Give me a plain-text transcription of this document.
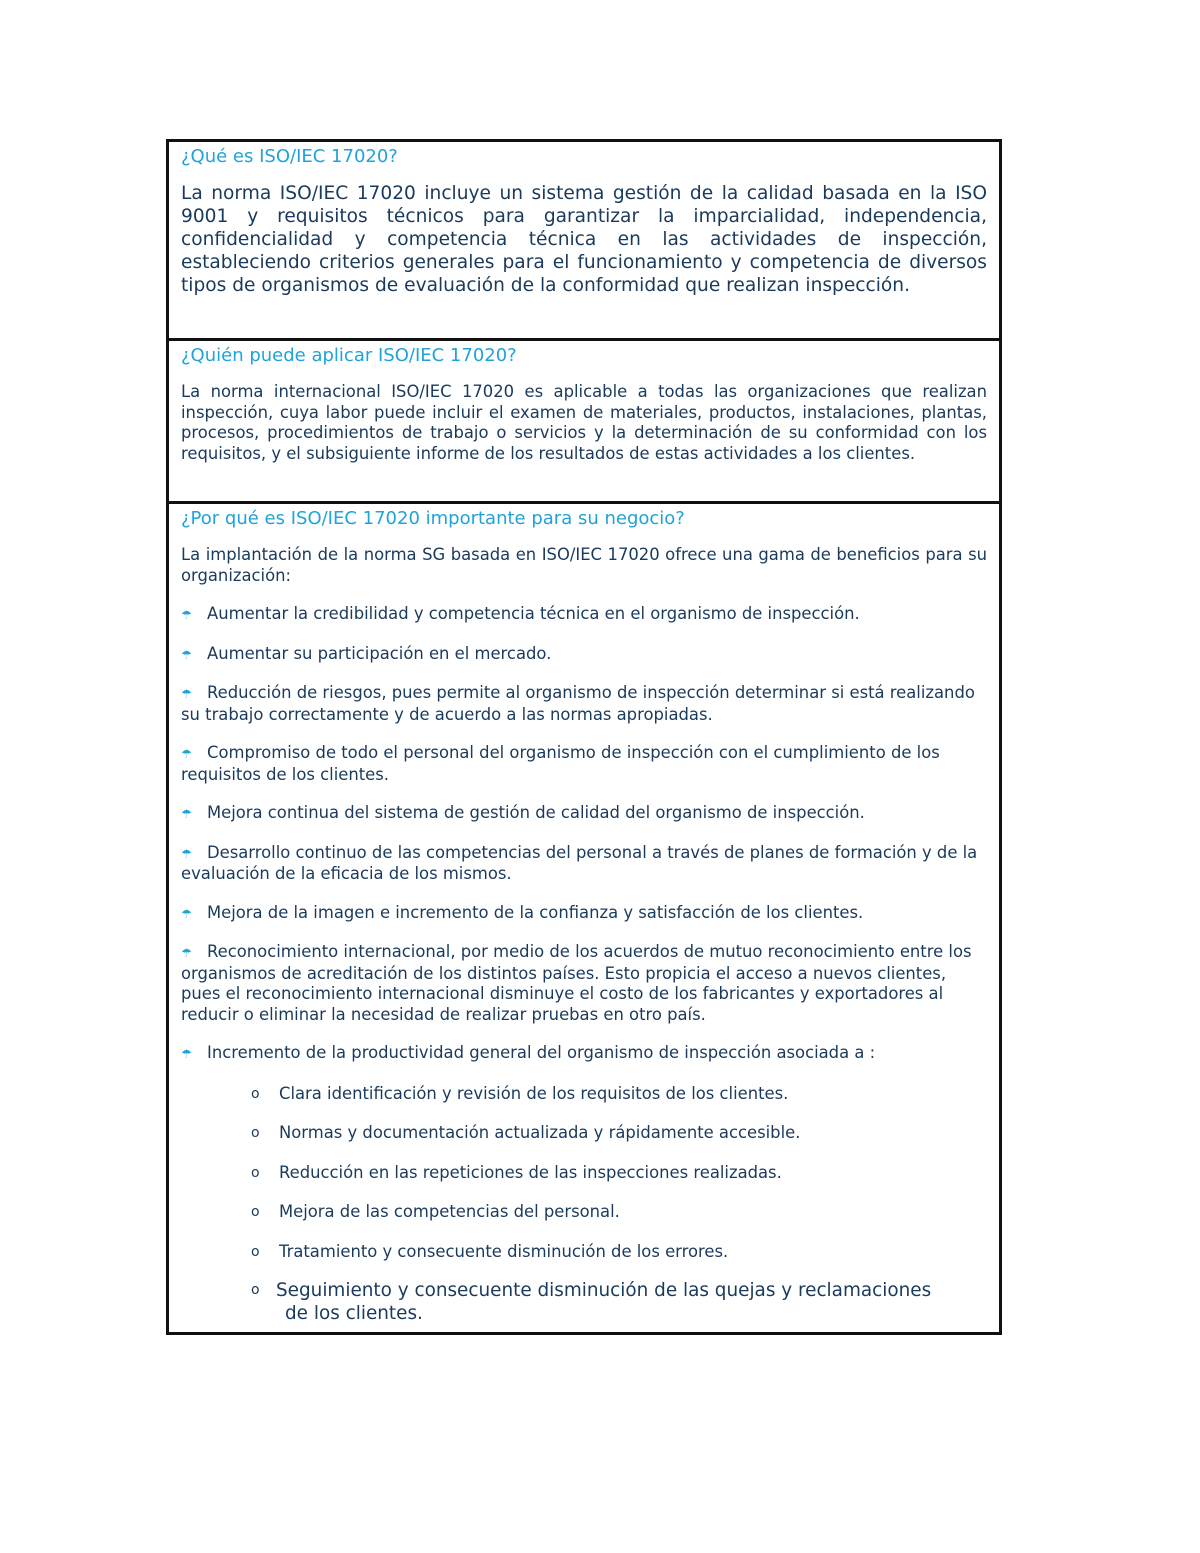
¿Qué es ISO/IEC 17020?

La norma ISO/IEC 17020 incluye un sistema gestión de la calidad basada en la ISO 9001 y requisitos técnicos para garantizar la imparcialidad, independencia, confidencialidad y competencia técnica en las actividades de inspección, estableciendo criterios generales para el funcionamiento y competencia de diversos tipos de organismos de evaluación de la conformidad que realizan inspección.

¿Quién puede aplicar ISO/IEC 17020?

La norma internacional ISO/IEC 17020 es aplicable a todas las organizaciones que realizan inspección, cuya labor puede incluir el examen de materiales, productos, instalaciones, plantas, procesos, procedimientos de trabajo o servicios y la determinación de su conformidad con los requisitos, y el subsiguiente informe de los resultados de estas actividades a los clientes.

¿Por qué es ISO/IEC 17020 importante para su negocio?

La implantación de la norma SG basada en ISO/IEC 17020 ofrece una gama de beneficios para su organización:

☂ Aumentar la credibilidad y competencia técnica en el organismo de inspección.
☂ Aumentar su participación en el mercado.
☂ Reducción de riesgos, pues permite al organismo de inspección determinar si está realizando su trabajo correctamente y de acuerdo a las normas apropiadas.
☂ Compromiso de todo el personal del organismo de inspección con el cumplimiento de los requisitos de los clientes.
☂ Mejora continua del sistema de gestión de calidad del organismo de inspección.
☂ Desarrollo continuo de las competencias del personal a través de planes de formación y de la evaluación de la eficacia de los mismos.
☂ Mejora de la imagen e incremento de la confianza y satisfacción de los clientes.
☂ Reconocimiento internacional, por medio de los acuerdos de mutuo reconocimiento entre los organismos de acreditación de los distintos países. Esto propicia el acceso a nuevos clientes, pues el reconocimiento internacional disminuye el costo de los fabricantes y exportadores al reducir o eliminar la necesidad de realizar pruebas en otro país.
☂ Incremento de la productividad general del organismo de inspección asociada a :
o Clara identificación y revisión de los requisitos de los clientes.
o Normas y documentación actualizada y rápidamente accesible.
o Reducción en las repeticiones de las inspecciones realizadas.
o Mejora de las competencias del personal.
o Tratamiento y consecuente disminución de los errores.
o Seguimiento y consecuente disminución de las quejas y reclamaciones
de los clientes.
